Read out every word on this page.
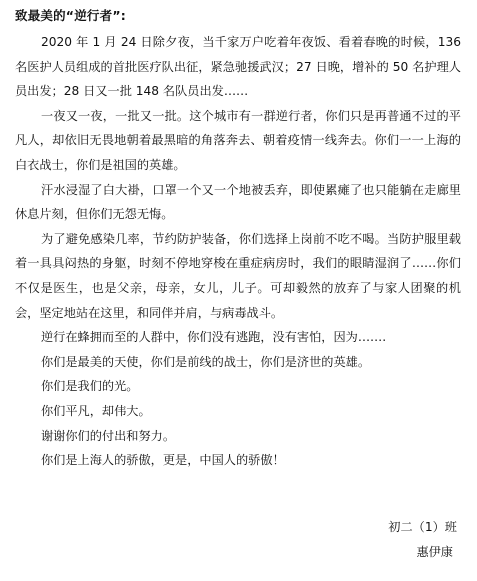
致最美的“逆行者”:

2020 年 1 月 24 日除夕夜，当千家万户吃着年夜饭、看着春晚的时候，136 名医护人员组成的首批医疗队出征，紧急驰援武汉；27 日晚，增补的 50 名护理人员出发；28 日又一批 148 名队员出发……

一夜又一夜，一批又一批。这个城市有一群逆行者，你们只是再普通不过的平凡人，却依旧无畏地朝着最黑暗的角落奔去、朝着疫情一线奔去。你们一一上海的白衣战士，你们是祖国的英雄。

汗水浸湿了白大褂，口罩一个又一个地被丢弃，即使累瘫了也只能躺在走廊里休息片刻，但你们无怨无悔。

为了避免感染几率，节约防护装备，你们选择上岗前不吃不喝。当防护服里载着一具具闷热的身躯，时刻不停地穿梭在重症病房时，我们的眼睛湿润了……你们不仅是医生，也是父亲，母亲，女儿，儿子。可却毅然的放弃了与家人团聚的机会，坚定地站在这里，和同伴并肩，与病毒战斗。

逆行在蜂拥而至的人群中，你们没有逃跑，没有害怕，因为…….

你们是最美的天使，你们是前线的战士，你们是济世的英雄。

你们是我们的光。

你们平凡，却伟大。

谢谢你们的付出和努力。

你们是上海人的骄傲，更是，中国人的骄傲！

初二（1）班
惠伊康
